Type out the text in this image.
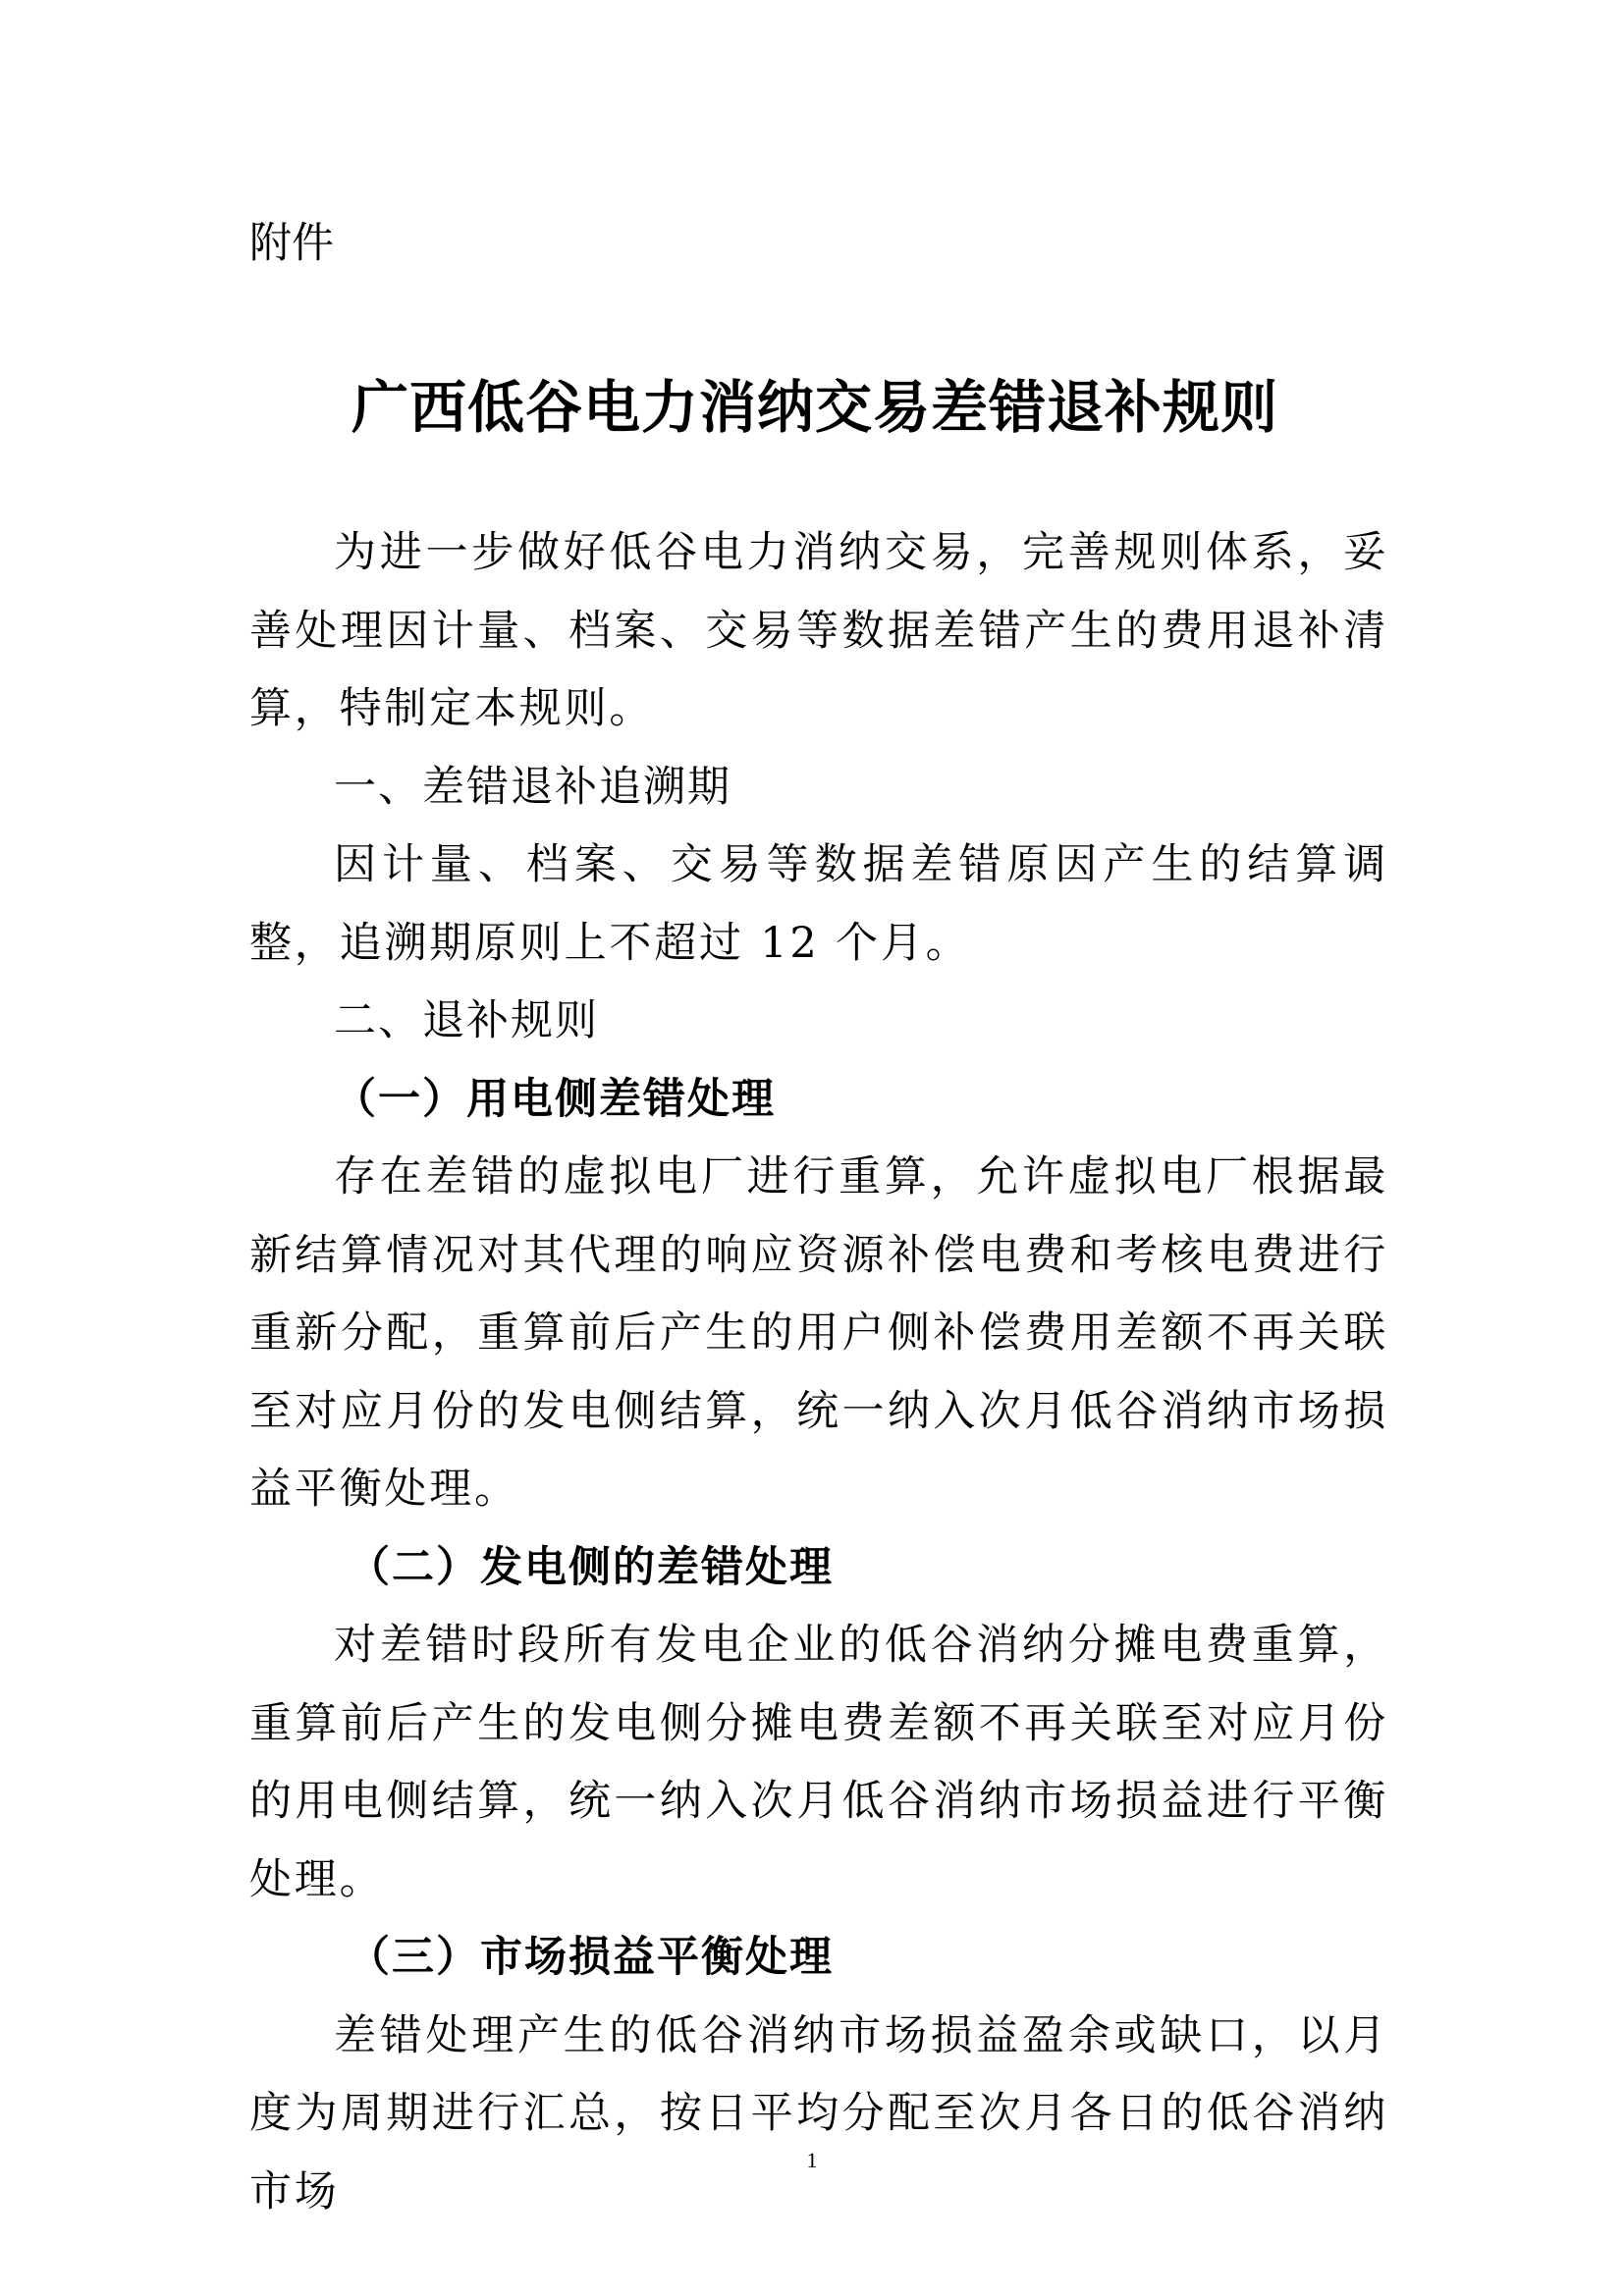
附件
广西低谷电力消纳交易差错退补规则

为进一步做好低谷电力消纳交易，完善规则体系，妥善处理因计量、档案、交易等数据差错产生的费用退补清算，特制定本规则。

一、差错退补追溯期

因计量、档案、交易等数据差错原因产生的结算调整，追溯期原则上不超过 12 个月。

二、退补规则
（一）用电侧差错处理

存在差错的虚拟电厂进行重算，允许虚拟电厂根据最新结算情况对其代理的响应资源补偿电费和考核电费进行重新分配，重算前后产生的用户侧补偿费用差额不再关联至对应月份的发电侧结算，统一纳入次月低谷消纳市场损益平衡处理。

（二）发电侧的差错处理

对差错时段所有发电企业的低谷消纳分摊电费重算，重算前后产生的发电侧分摊电费差额不再关联至对应月份的用电侧结算，统一纳入次月低谷消纳市场损益进行平衡处理。

（三）市场损益平衡处理

差错处理产生的低谷消纳市场损益盈余或缺口，以月度为周期进行汇总，按日平均分配至次月各日的低谷消纳市场

1
